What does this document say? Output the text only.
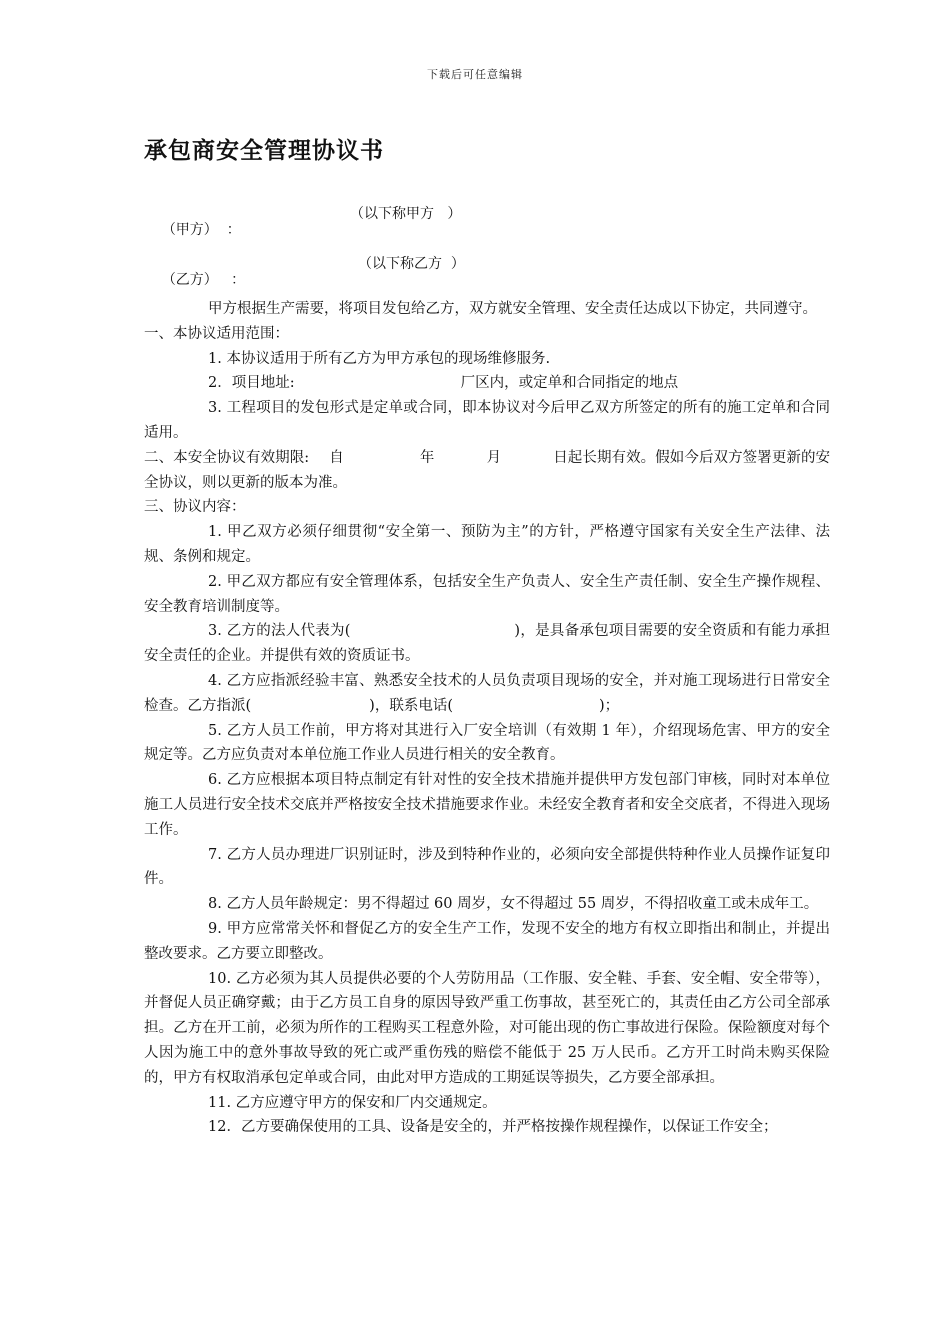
下载后可任意编辑
承包商安全管理协议书

（甲方）  ：

（以下称甲方   ）

（乙方）   ：

（以下称乙方  ）

甲方根据生产需要，将项目发包给乙方，双方就安全管理、安全责任达成以下协定，共同遵守。

一、本协议适用范围：

1. 本协议适用于所有乙方为甲方承包的现场维修服务.

2．项目地址:	厂区内，或定单和合同指定的地点

3. 工程项目的发包形式是定单或合同，即本协议对今后甲乙双方所签定的所有的施工定单和合同适用。

二、本安全协议有效期限: 自	年	月	日起长期有效。假如今后双方签署更新的安全协议，则以更新的版本为准。

三、协议内容：

1. 甲乙双方必须仔细贯彻“安全第一、预防为主”的方针，严格遵守国家有关安全生产法律、法规、条例和规定。

2. 甲乙双方都应有安全管理体系，包括安全生产负责人、安全生产责任制、安全生产操作规程、安全教育培训制度等。

3. 乙方的法人代表为(	)，是具备承包项目需要的安全资质和有能力承担安全责任的企业。并提供有效的资质证书。

4. 乙方应指派经验丰富、熟悉安全技术的人员负责项目现场的安全，并对施工现场进行日常安全检查。乙方指派(	)，联系电话(	)；

5. 乙方人员工作前，甲方将对其进行入厂安全培训（有效期 1 年），介绍现场危害、甲方的安全规定等。乙方应负责对本单位施工作业人员进行相关的安全教育。

6. 乙方应根据本项目特点制定有针对性的安全技术措施并提供甲方发包部门审核，同时对本单位施工人员进行安全技术交底并严格按安全技术措施要求作业。未经安全教育者和安全交底者，不得进入现场工作。

7. 乙方人员办理进厂识别证时，涉及到特种作业的，必须向安全部提供特种作业人员操作证复印件。

8. 乙方人员年龄规定：男不得超过 60 周岁，女不得超过 55 周岁，不得招收童工或未成年工。

9. 甲方应常常关怀和督促乙方的安全生产工作，发现不安全的地方有权立即指出和制止，并提出整改要求。乙方要立即整改。

10. 乙方必须为其人员提供必要的个人劳防用品（工作服、安全鞋、手套、安全帽、安全带等），并督促人员正确穿戴；由于乙方员工自身的原因导致严重工伤事故，甚至死亡的，其责任由乙方公司全部承担。乙方在开工前，必须为所作的工程购买工程意外险，对可能出现的伤亡事故进行保险。保险额度对每个人因为施工中的意外事故导致的死亡或严重伤残的赔偿不能低于 25 万人民币。乙方开工时尚未购买保险的，甲方有权取消承包定单或合同，由此对甲方造成的工期延误等损失，乙方要全部承担。

11. 乙方应遵守甲方的保安和厂内交通规定。

12．乙方要确保使用的工具、设备是安全的，并严格按操作规程操作，以保证工作安全；
